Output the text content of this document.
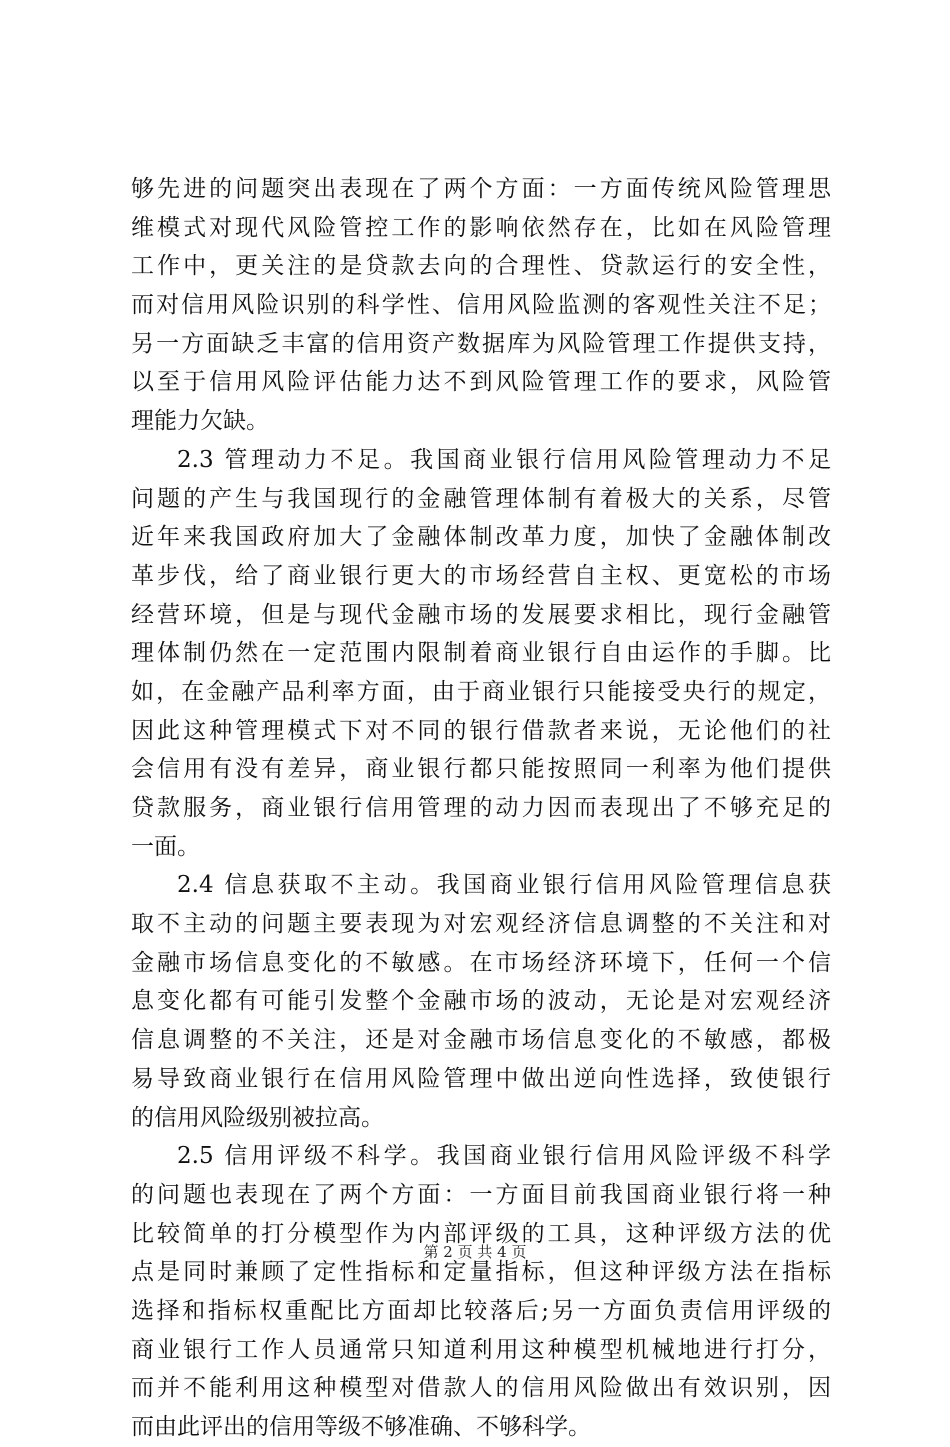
够先进的问题突出表现在了两个方面：一方面传统风险管理思
维模式对现代风险管控工作的影响依然存在，比如在风险管理
工作中，更关注的是贷款去向的合理性、贷款运行的安全性，
而对信用风险识别的科学性、信用风险监测的客观性关注不足；
另一方面缺乏丰富的信用资产数据库为风险管理工作提供支持，
以至于信用风险评估能力达不到风险管理工作的要求，风险管
理能力欠缺。
2.3 管理动力不足。我国商业银行信用风险管理动力不足
问题的产生与我国现行的金融管理体制有着极大的关系，尽管
近年来我国政府加大了金融体制改革力度，加快了金融体制改
革步伐，给了商业银行更大的市场经营自主权、更宽松的市场
经营环境，但是与现代金融市场的发展要求相比，现行金融管
理体制仍然在一定范围内限制着商业银行自由运作的手脚。比
如，在金融产品利率方面，由于商业银行只能接受央行的规定，
因此这种管理模式下对不同的银行借款者来说，无论他们的社
会信用有没有差异，商业银行都只能按照同一利率为他们提供
贷款服务，商业银行信用管理的动力因而表现出了不够充足的
一面。
2.4 信息获取不主动。我国商业银行信用风险管理信息获
取不主动的问题主要表现为对宏观经济信息调整的不关注和对
金融市场信息变化的不敏感。在市场经济环境下，任何一个信
息变化都有可能引发整个金融市场的波动，无论是对宏观经济
信息调整的不关注，还是对金融市场信息变化的不敏感，都极
易导致商业银行在信用风险管理中做出逆向性选择，致使银行
的信用风险级别被拉高。
2.5 信用评级不科学。我国商业银行信用风险评级不科学
的问题也表现在了两个方面：一方面目前我国商业银行将一种
比较简单的打分模型作为内部评级的工具，这种评级方法的优
点是同时兼顾了定性指标和定量指标，但这种评级方法在指标
选择和指标权重配比方面却比较落后;另一方面负责信用评级的
商业银行工作人员通常只知道利用这种模型机械地进行打分，
而并不能利用这种模型对借款人的信用风险做出有效识别，因
而由此评出的信用等级不够准确、不够科学。
第 2 页 共 4 页
